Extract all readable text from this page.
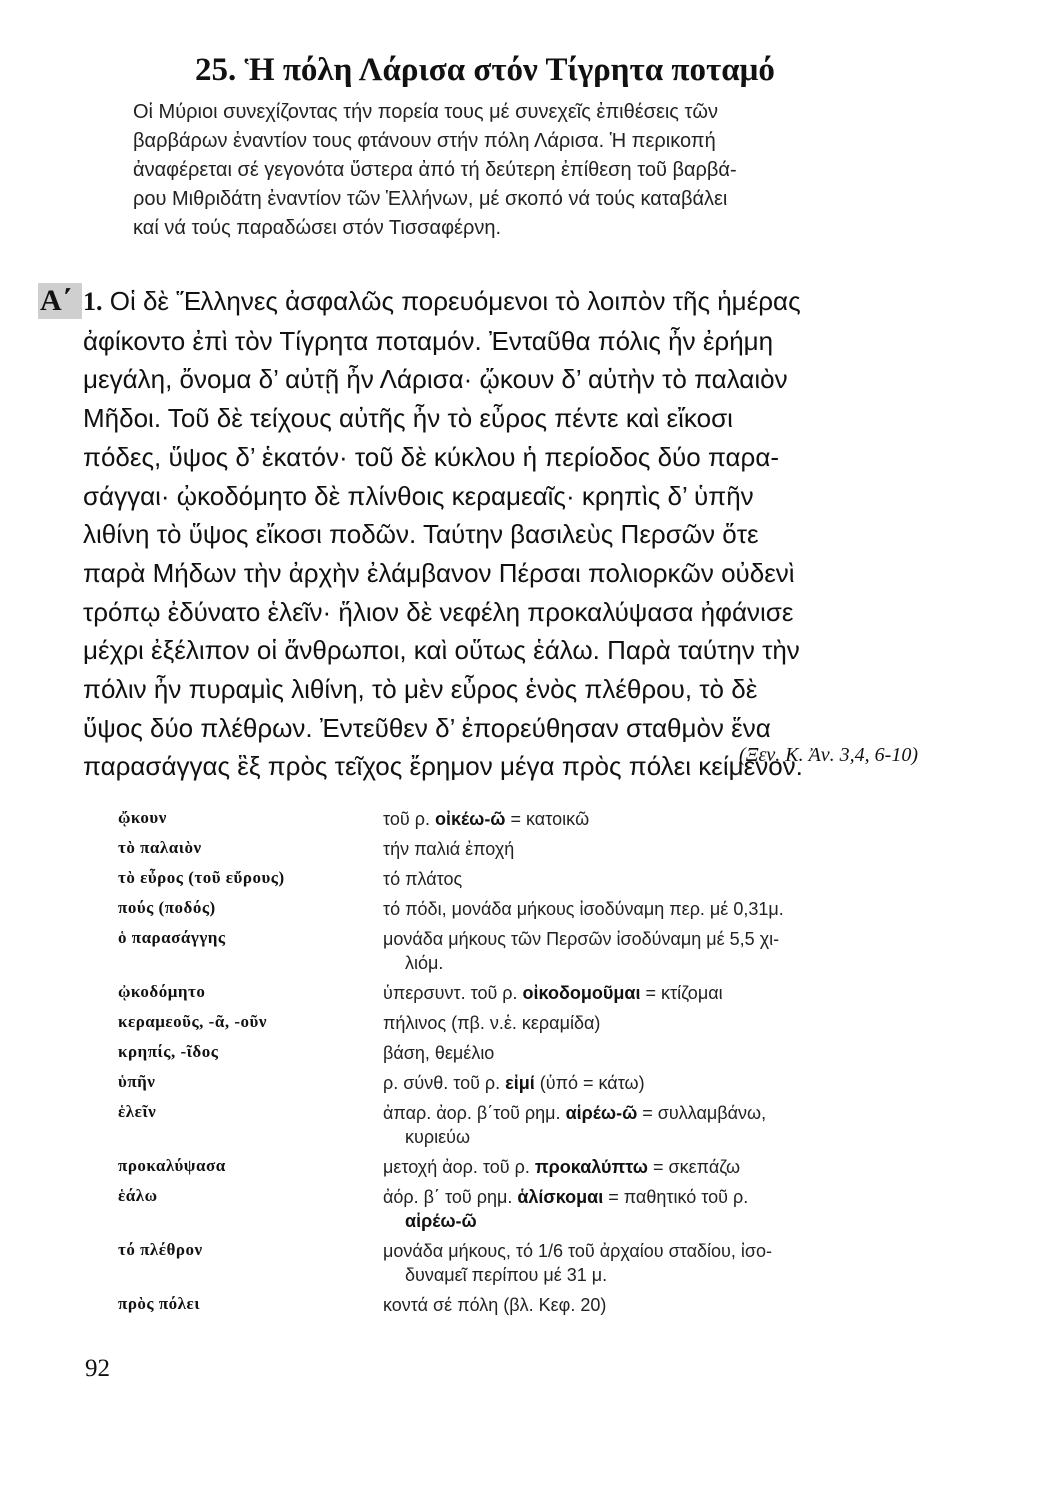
25. Ἡ πόλη Λάρισα στόν Τίγρητα ποταμό
Οἱ Μύριοι συνεχίζοντας τήν πορεία τους μέ συνεχεῖς ἐπιθέσεις τῶν
βαρβάρων ἐναντίον τους φτάνουν στήν πόλη Λάρισα. Ἡ περικοπή
ἀναφέρεται σέ γεγονότα ὕστερα ἀπό τή δεύτερη ἐπίθεση τοῦ βαρβά-
ρου Μιθριδάτη ἐναντίον τῶν Ἑλλήνων, μέ σκοπό νά τούς καταβάλει
καί νά τούς παραδώσει στόν Τισσαφέρνη.
Α΄ 1. Οἱ δὲ Ἕλληνες ἀσφαλῶς πορευόμενοι τὸ λοιπὸν τῆς ἡμέρας
ἀφίκοντο ἐπὶ τὸν Τίγρητα ποταμόν. Ἐνταῦθα πόλις ἦν ἐρήμη
μεγάλη, ὄνομα δ’ αὐτῇ ἦν Λάρισα· ᾤκουν δ’ αὐτὴν τὸ παλαιὸν
Μῆδοι. Τοῦ δὲ τείχους αὐτῆς ἦν τὸ εὖρος πέντε καὶ εἴκοσι
πόδες, ὕψος δ’ ἑκατόν· τοῦ δὲ κύκλου ἡ περίοδος δύο παρα-
σάγγαι· ᾠκοδόμητο δὲ πλίνθοις κεραμεαῖς· κρηπὶς δ’ ὑπῆν
λιθίνη τὸ ὕψος εἴκοσι ποδῶν. Ταύτην βασιλεὺς Περσῶν ὅτε
παρὰ Μήδων τὴν ἀρχὴν ἐλάμβανον Πέρσαι πολιορκῶν οὐδενὶ
τρόπῳ ἐδύνατο ἑλεῖν· ἥλιον δὲ νεφέλη προκαλύψασα ἠφάνισε
μέχρι ἐξέλιπον οἱ ἄνθρωποι, καὶ οὕτως ἑάλω. Παρὰ ταύτην τὴν
πόλιν ἦν πυραμὶς λιθίνη, τὸ μὲν εὖρος ἑνὸς πλέθρου, τὸ δὲ
ὕψος δύο πλέθρων. Ἐντεῦθεν δ’ ἐπορεύθησαν σταθμὸν ἕνα
παρασάγγας ἓξ πρὸς τεῖχος ἔρημον μέγα πρὸς πόλει κείμενον.
(Ξεν. Κ. Ἀν. 3,4, 6-10)
ᾤκουν	τοῦ ρ. οἰκέω-ῶ = κατοικῶ
τὸ παλαιὸν	τήν παλιά ἐποχή
τὸ εὖρος (τοῦ εὔρους)	τό πλάτος
πούς (ποδός)	τό πόδι, μονάδα μήκους ἰσοδύναμη περ. μέ 0,31μ.
ὁ παρασάγγης	μονάδα μήκους τῶν Περσῶν ἰσοδύναμη μέ 5,5 χι-
λιόμ.
ᾠκοδόμητο	ὑπερσυντ. τοῦ ρ. οἰκοδομοῦμαι = κτίζομαι
κεραμεοῦς, -ᾶ, -οῦν	πήλινος (πβ. ν.ἑ. κεραμίδα)
κρηπίς, -ῖδος	βάση, θεμέλιο
ὑπῆν	ρ. σύνθ. τοῦ ρ. εἰμί (ὑπό = κάτω)
ἑλεῖν	ἀπαρ. ἀορ. β΄τοῦ ρημ. αἱρέω-ῶ = συλλαμβάνω,
κυριεύω
προκαλύψασα	μετοχή ἀορ. τοῦ ρ. προκαλύπτω = σκεπάζω
ἑάλω	ἀόρ. β΄ τοῦ ρημ. ἁλίσκομαι = παθητικό τοῦ ρ.
αἱρέω-ῶ
τό πλέθρον	μονάδα μήκους, τό 1/6 τοῦ ἀρχαίου σταδίου, ἰσο-
δυναμεῖ περίπου μέ 31 μ.
πρὸς πόλει	κοντά σέ πόλη (βλ. Κεφ. 20)
92
